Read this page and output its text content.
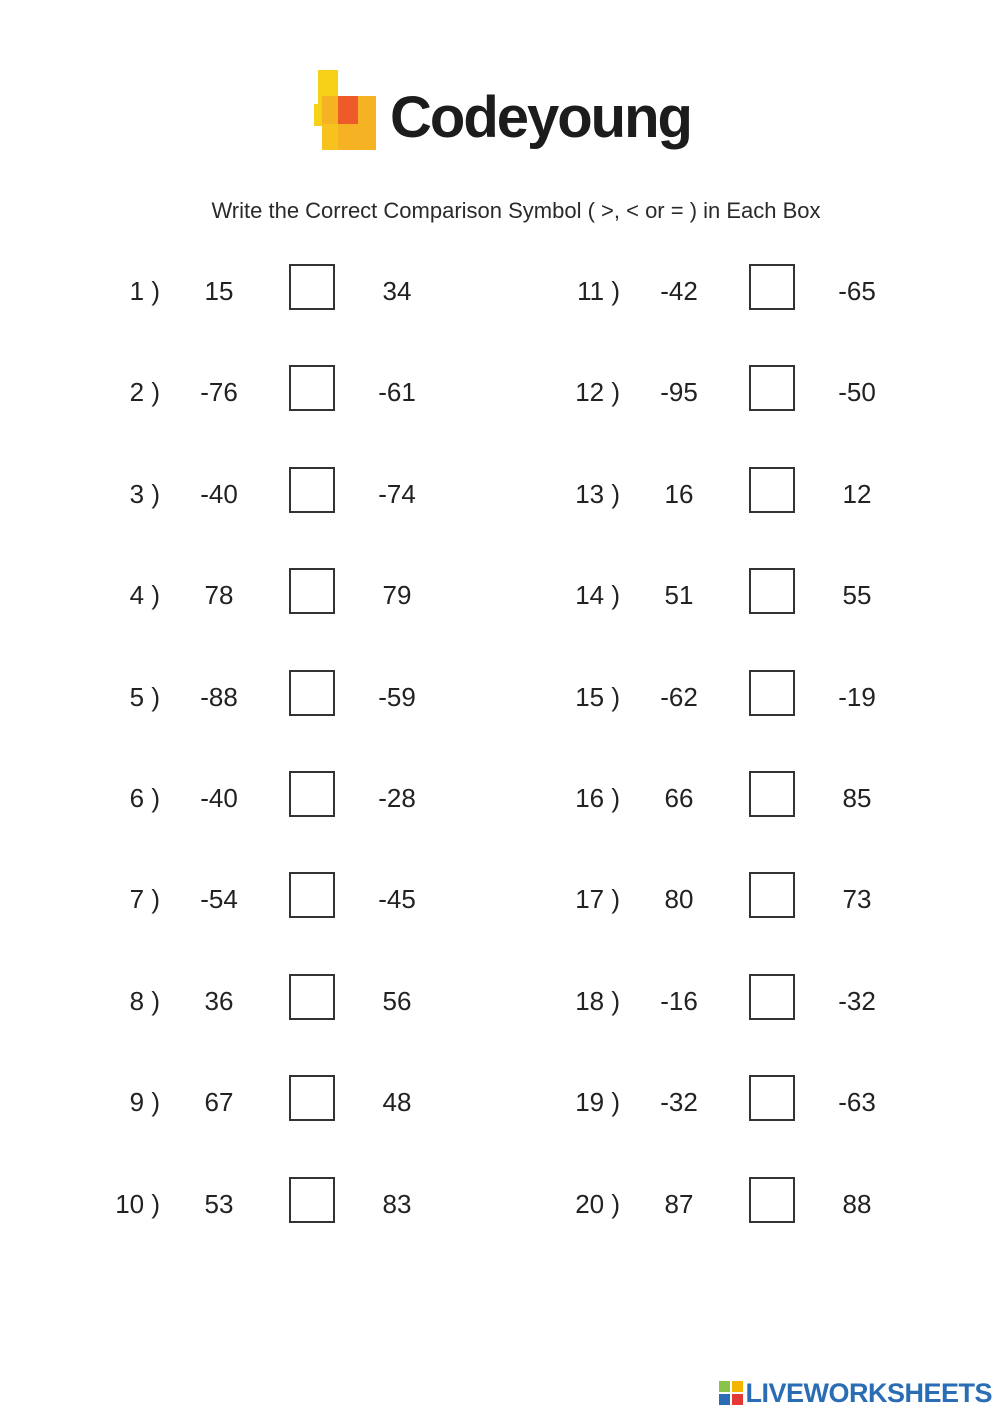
Codeyoung
Write the Correct Comparison Symbol ( >, < or = ) in Each Box
1 )	15	34
2 )	-76	-61
3 )	-40	-74
4 )	78	79
5 )	-88	-59
6 )	-40	-28
7 )	-54	-45
8 )	36	56
9 )	67	48
10 )	53	83
11 )	-42	-65
12 )	-95	-50
13 )	16	12
14 )	51	55
15 )	-62	-19
16 )	66	85
17 )	80	73
18 )	-16	-32
19 )	-32	-63
20 )	87	88
LIVEWORKSHEETS
